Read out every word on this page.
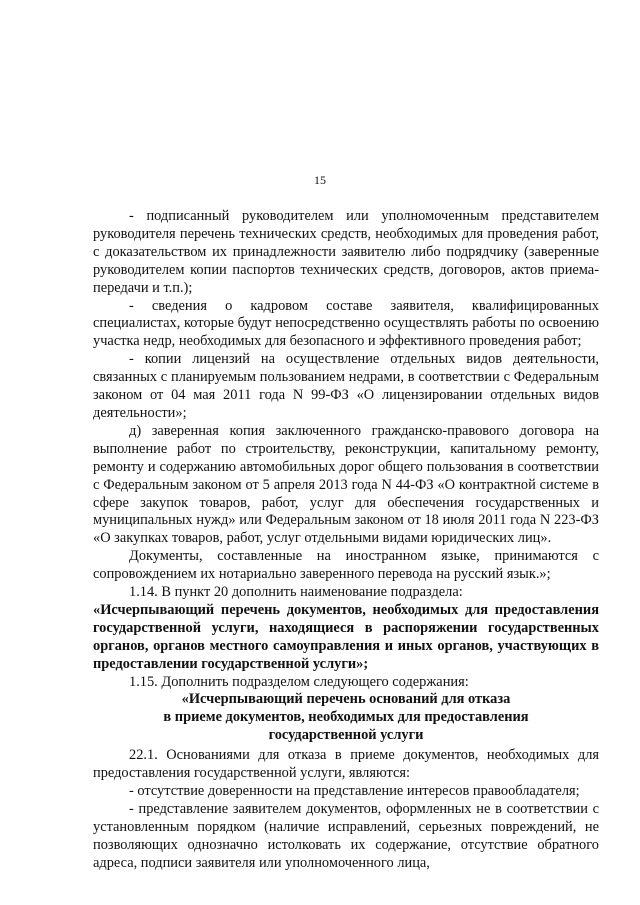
15

- подписанный руководителем или уполномоченным представителем руководителя перечень технических средств, необходимых для проведения работ, с доказательством их принадлежности заявителю либо подрядчику (заверенные руководителем копии паспортов технических средств, договоров, актов приема-передачи и т.п.);

- сведения о кадровом составе заявителя, квалифицированных специалистах, которые будут непосредственно осуществлять работы по освоению участка недр, необходимых для безопасного и эффективного проведения работ;

- копии лицензий на осуществление отдельных видов деятельности, связанных с планируемым пользованием недрами, в соответствии с Федеральным законом от 04 мая 2011 года N 99-ФЗ «О лицензировании отдельных видов деятельности»;

д) заверенная копия заключенного гражданско-правового договора на выполнение работ по строительству, реконструкции, капитальному ремонту, ремонту и содержанию автомобильных дорог общего пользования в соответствии с Федеральным законом от 5 апреля 2013 года N 44-ФЗ «О контрактной системе в сфере закупок товаров, работ, услуг для обеспечения государственных и муниципальных нужд» или Федеральным законом от 18 июля 2011 года N 223-ФЗ «О закупках товаров, работ, услуг отдельными видами юридических лиц».

Документы, составленные на иностранном языке, принимаются с сопровождением их нотариально заверенного перевода на русский язык.»;

1.14. В пункт 20 дополнить наименование подраздела:

«Исчерпывающий перечень документов, необходимых для предоставления государственной услуги, находящиеся в распоряжении государственных органов, органов местного самоуправления и иных органов, участвующих в предоставлении государственной услуги»;

1.15. Дополнить подразделом следующего содержания:

«Исчерпывающий перечень оснований для отказа

в приеме документов, необходимых для предоставления

государственной услуги

22.1. Основаниями для отказа в приеме документов, необходимых для предоставления государственной услуги, являются:

- отсутствие доверенности на представление интересов правообладателя;

- представление заявителем документов, оформленных не в соответствии с установленным порядком (наличие исправлений, серьезных повреждений, не позволяющих однозначно истолковать их содержание, отсутствие обратного адреса, подписи заявителя или уполномоченного лица,
